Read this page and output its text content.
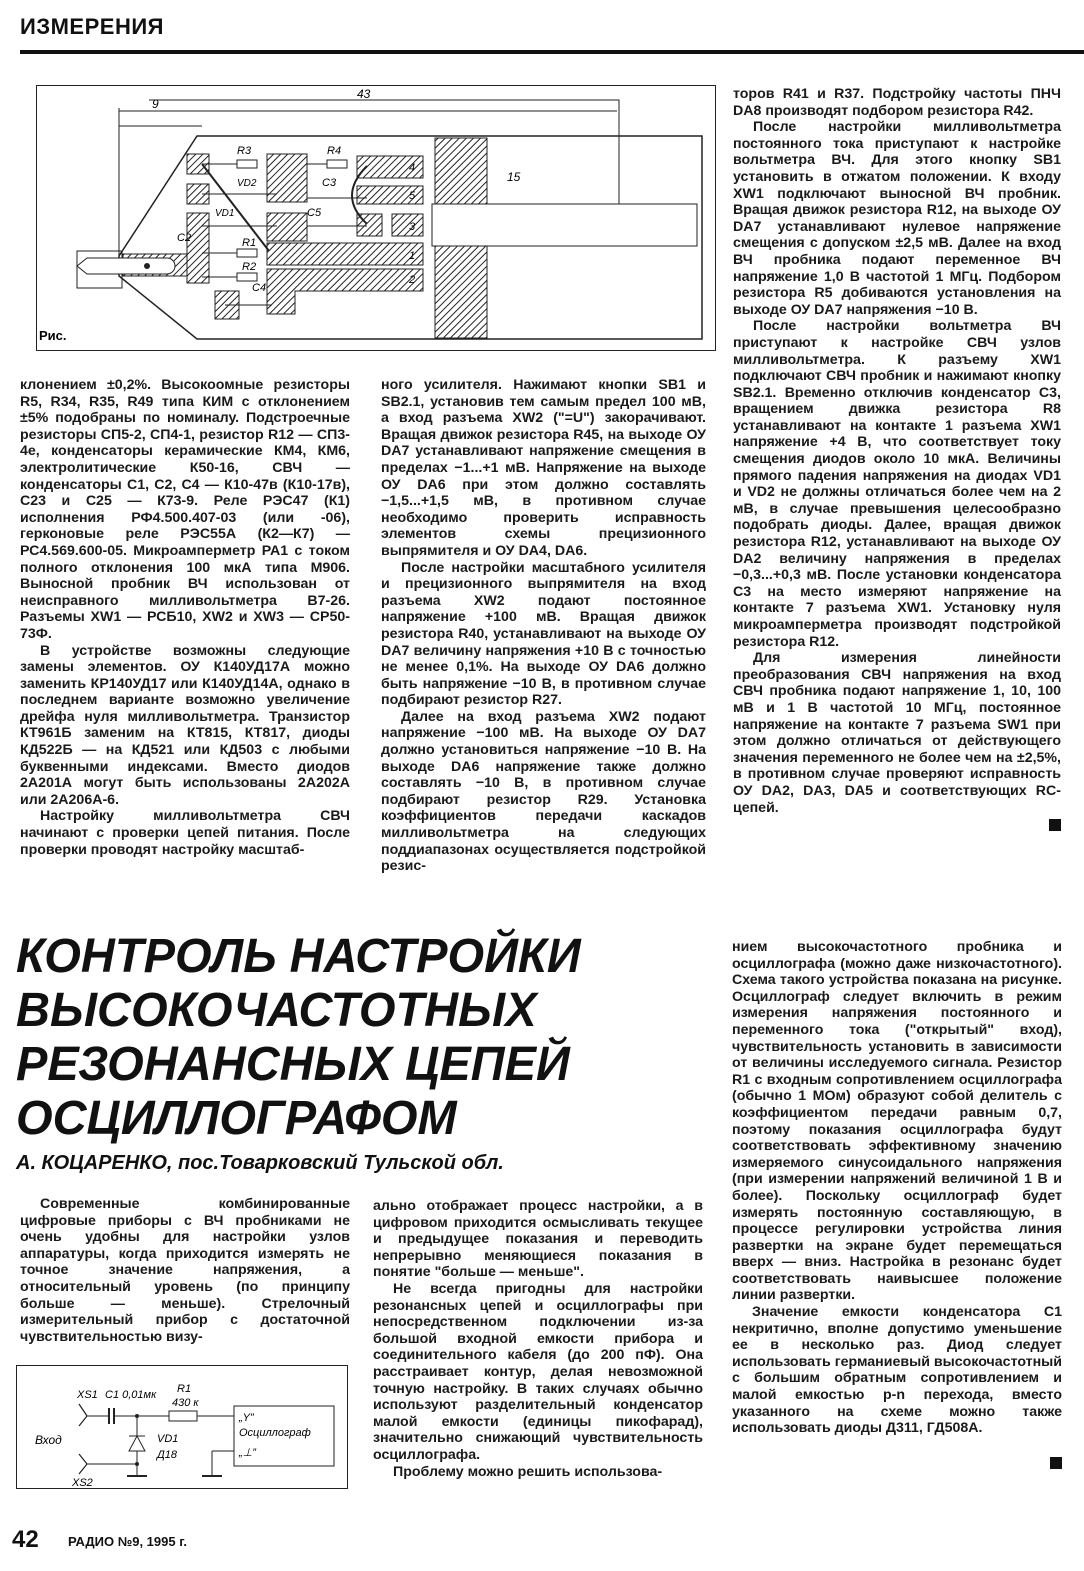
ИЗМЕРЕНИЯ
9
43
C2
R3	R4
VD2	C3
VD1	C5
R1
R2
C4
4
5
3
1
2
15
Рис.

клонением ±0,2%. Высокоомные резисторы R5, R34, R35, R49 типа КИМ с отклонением ±5% подобраны по номиналу. Подстроечные резисторы СП5-2, СП4-1, резистор R12 — СП3-4е, конденсаторы керамические КМ4, КМ6, электролитические К50-16, СВЧ — конденсаторы С1, С2, С4 — К10-47в (К10-17в), С23 и С25 — К73-9. Реле РЭС47 (К1) исполнения РФ4.500.407-03 (или -06), герконовые реле РЭС55А (К2—К7) — РС4.569.600-05. Микроамперметр РА1 с током полного отклонения 100 мкА типа М906. Выносной пробник ВЧ использован от неисправного милливольтметра В7-26. Разъемы XW1 — РСБ10, XW2 и XW3 — СР50-73Ф.

В устройстве возможны следующие замены элементов. ОУ К140УД17А можно заменить КР140УД17 или К140УД14А, однако в последнем варианте возможно увеличение дрейфа нуля милливольтметра. Транзистор КТ961Б заменим на КТ815, КТ817, диоды КД522Б — на КД521 или КД503 с любыми буквенными индексами. Вместо диодов 2А201А могут быть использованы 2А202А или 2А206А-6.

Настройку милливольтметра СВЧ начинают с проверки цепей питания. После проверки проводят настройку масштаб-

ного усилителя. Нажимают кнопки SB1 и SB2.1, установив тем самым предел 100 мВ, а вход разъема XW2 ("=U") закорачивают. Вращая движок резистора R45, на выходе ОУ DA7 устанавливают напряжение смещения в пределах −1...+1 мВ. Напряжение на выходе ОУ DA6 при этом должно составлять −1,5...+1,5 мВ, в противном случае необходимо проверить исправность элементов схемы прецизионного выпрямителя и ОУ DA4, DA6.

После настройки масштабного усилителя и прецизионного выпрямителя на вход разъема XW2 подают постоянное напряжение +100 мВ. Вращая движок резистора R40, устанавливают на выходе ОУ DA7 величину напряжения +10 В с точностью не менее 0,1%. На выходе ОУ DA6 должно быть напряжение −10 В, в противном случае подбирают резистор R27.

Далее на вход разъема XW2 подают напряжение −100 мВ. На выходе ОУ DA7 должно установиться напряжение −10 В. На выходе DA6 напряжение также должно составлять −10 В, в противном случае подбирают резистор R29. Установка коэффициентов передачи каскадов милливольтметра на следующих поддиапазонах осуществляется подстройкой резис-

торов R41 и R37. Подстройку частоты ПНЧ DA8 производят подбором резистора R42.

После настройки милливольтметра постоянного тока приступают к настройке вольтметра ВЧ. Для этого кнопку SB1 установить в отжатом положении. К входу XW1 подключают выносной ВЧ пробник. Вращая движок резистора R12, на выходе ОУ DA7 устанавливают нулевое напряжение смещения с допуском ±2,5 мВ. Далее на вход ВЧ пробника подают переменное ВЧ напряжение 1,0 В частотой 1 МГц. Подбором резистора R5 добиваются установления на выходе ОУ DA7 напряжения −10 В.

После настройки вольтметра ВЧ приступают к настройке СВЧ узлов милливольтметра. К разъему XW1 подключают СВЧ пробник и нажимают кнопку SB2.1. Временно отключив конденсатор С3, вращением движка резистора R8 устанавливают на контакте 1 разъема XW1 напряжение +4 В, что соответствует току смещения диодов около 10 мкА. Величины прямого падения напряжения на диодах VD1 и VD2 не должны отличаться более чем на 2 мВ, в случае превышения целесообразно подобрать диоды. Далее, вращая движок резистора R12, устанавливают на выходе ОУ DA2 величину напряжения в пределах −0,3...+0,3 мВ. После установки конденсатора С3 на место измеряют напряжение на контакте 7 разъема XW1. Установку нуля микроамперметра производят подстройкой резистора R12.

Для измерения линейности преобразования СВЧ напряжения на вход СВЧ пробника подают напряжение 1, 10, 100 мВ и 1 В частотой 10 МГц, постоянное напряжение на контакте 7 разъема SW1 при этом должно отличаться от действующего значения переменного не более чем на ±2,5%, в противном случае проверяют исправность ОУ DA2, DA3, DA5 и соответствующих RC-цепей.

КОНТРОЛЬ НАСТРОЙКИ
ВЫСОКОЧАСТОТНЫХ
РЕЗОНАНСНЫХ ЦЕПЕЙ
ОСЦИЛЛОГРАФОМ
А. КОЦАРЕНКО, пос.Товарковский Тульской обл.

Современные комбинированные цифровые приборы с ВЧ пробниками не очень удобны для настройки узлов аппаратуры, когда приходится измерять не точное значение напряжения, а относительный уровень (по принципу больше — меньше). Стрелочный измерительный прибор с достаточной чувствительностью визу-

ально отображает процесс настройки, а в цифровом приходится осмысливать текущее и предыдущее показания и переводить непрерывно меняющиеся показания в понятие "больше — меньше".

Не всегда пригодны для настройки резонансных цепей и осциллографы при непосредственном подключении из-за большой входной емкости прибора и соединительного кабеля (до 200 пФ). Она расстраивает контур, делая невозможной точную настройку. В таких случаях обычно используют разделительный конденсатор малой емкости (единицы пикофарад), значительно снижающий чувствительность осциллографа.

Проблему можно решить использова-

нием высокочастотного пробника и осциллографа (можно даже низкочастотного). Схема такого устройства показана на рисунке. Осциллограф следует включить в режим измерения напряжения постоянного и переменного тока ("открытый" вход), чувствительность установить в зависимости от величины исследуемого сигнала. Резистор R1 с входным сопротивлением осциллографа (обычно 1 МОм) образуют собой делитель с коэффициентом передачи равным 0,7, поэтому показания осциллографа будут соответствовать эффективному значению измеряемого синусоидального напряжения (при измерении напряжений величиной 1 В и более). Поскольку осциллограф будет измерять постоянную составляющую, в процессе регулировки устройства линия развертки на экране будет перемещаться вверх — вниз. Настройка в резонанс будет соответствовать наивысшее положение линии развертки.

Значение емкости конденсатора С1 некритично, вполне допустимо уменьшение ее в несколько раз. Диод следует использовать германиевый высокочастотный с большим обратным сопротивлением и малой емкостью p-n перехода, вместо указанного на схеме можно также использовать диоды Д311, ГД508А.

XS1 C1 0,01мк R1
430 к
Вход	VD1
Д18
XS2
„Y”
Осциллограф
„⊥”
42 РАДИО №9, 1995 г.
